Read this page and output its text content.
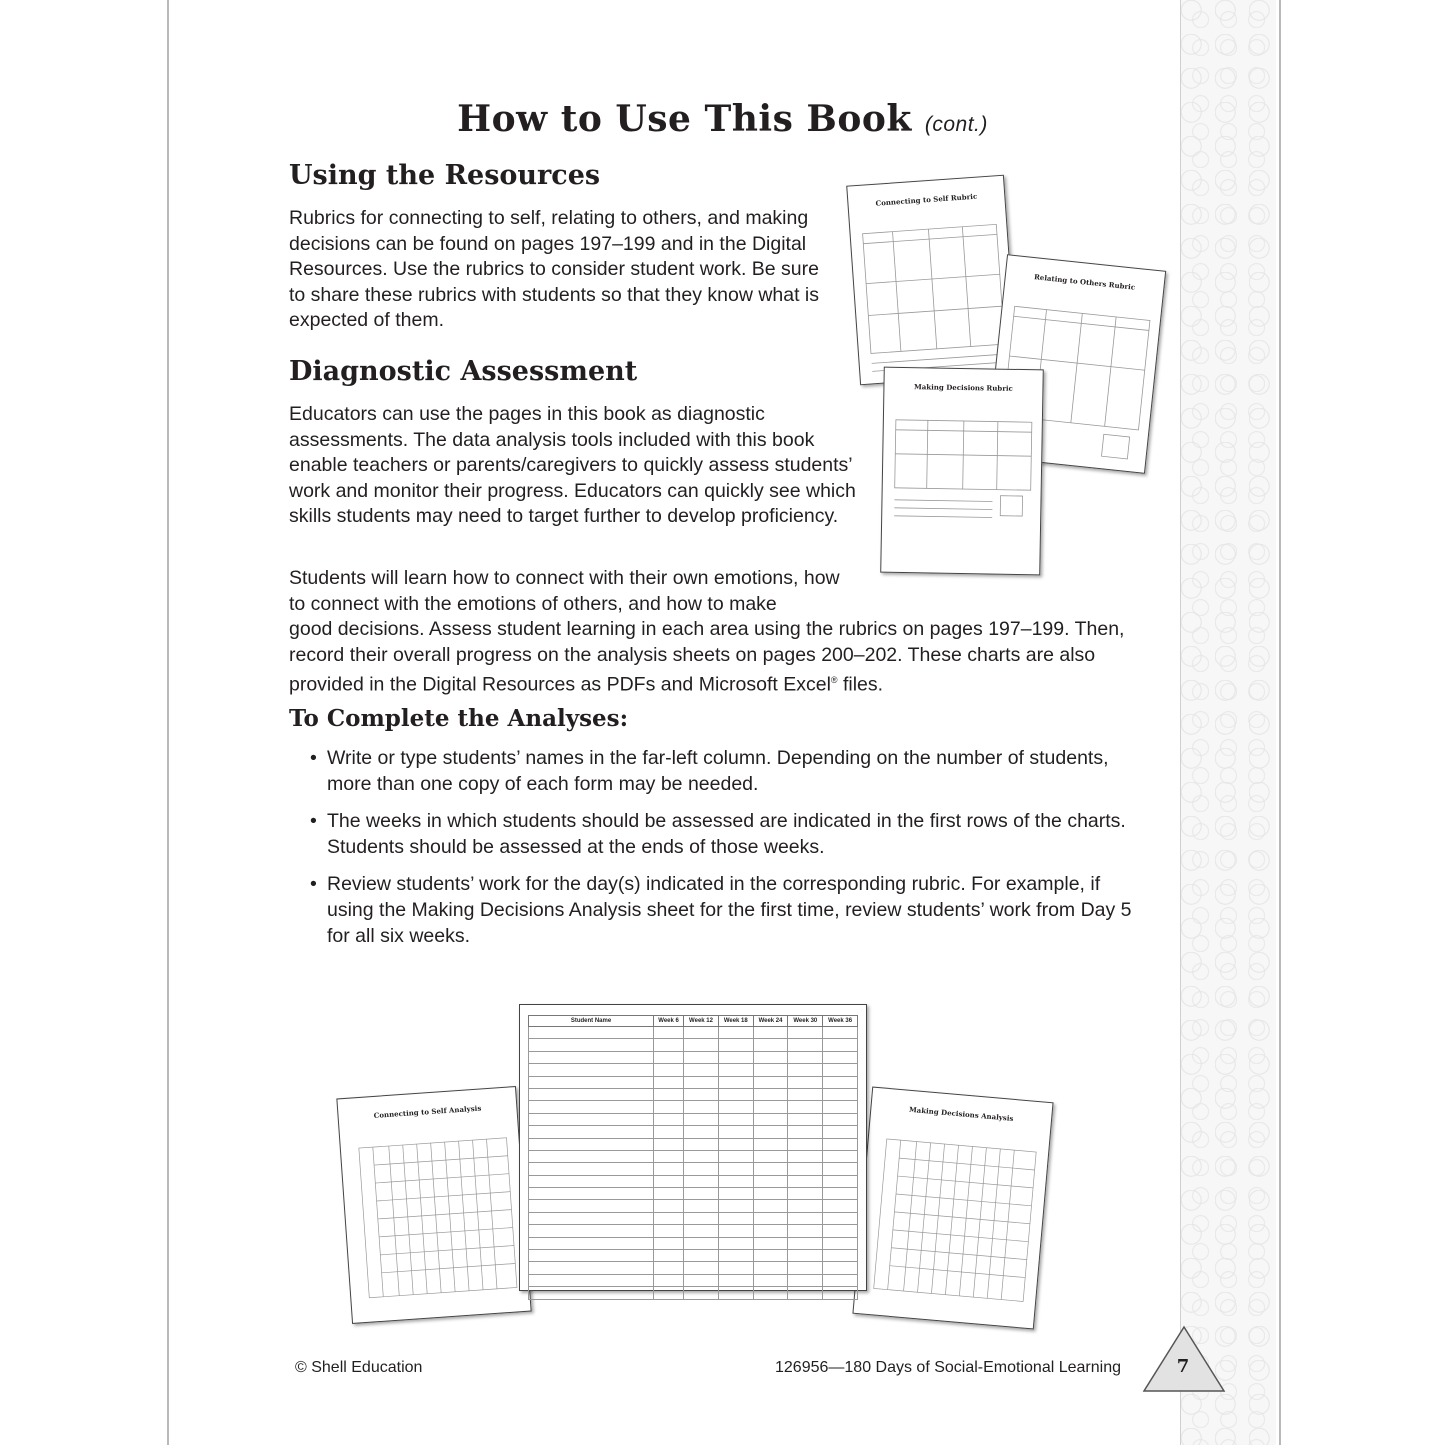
How to Use This Book (cont.)
Using the Resources

Rubrics for connecting to self, relating to others, and making decisions can be found on pages 197–199 and in the Digital Resources. Use the rubrics to consider student work. Be sure to share these rubrics with students so that they know what is expected of them.

Diagnostic Assessment

Educators can use the pages in this book as diagnostic assessments. The data analysis tools included with this book enable teachers or parents/caregivers to quickly assess students’ work and monitor their progress. Educators can quickly see which skills students may need to target further to develop proficiency.

Students will learn how to connect with their own emotions, how to connect with the emotions of others, and how to make

good decisions. Assess student learning in each area using the rubrics on pages 197–199. Then, record their overall progress on the analysis sheets on pages 200–202. These charts are also provided in the Digital Resources as PDFs and Microsoft Excel® files.

To Complete the Analyses:
• Write or type students’ names in the far-left column. Depending on the number of students, more than one copy of each form may be needed.
• The weeks in which students should be assessed are indicated in the first rows of the charts. Students should be assessed at the ends of those weeks.
• Review students’ work for the day(s) indicated in the corresponding rubric. For example, if using the Making Decisions Analysis sheet for the first time, review students’ work from Day 5 for all six weeks.
Connecting to Self Rubric
Relating to Others Rubric
Making Decisions Rubric
Connecting to Self Analysis	Making Decisions Analysis
Student Name	Week 6	Week 12	Week 18	Week 24	Week 30	Week 36

© Shell Education	126956—180 Days of Social-Emotional Learning	7
